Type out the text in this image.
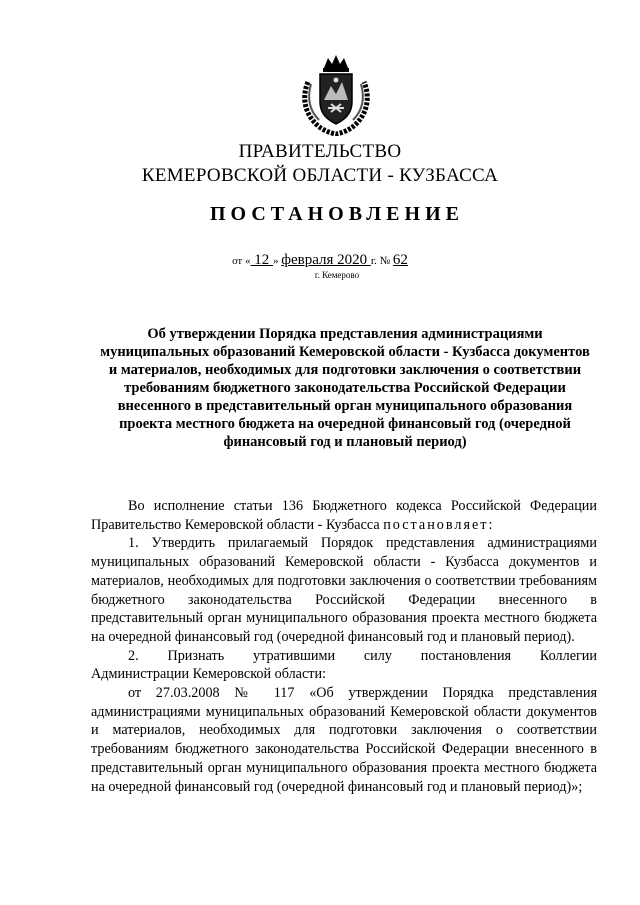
ПРАВИТЕЛЬСТВО
КЕМЕРОВСКОЙ ОБЛАСТИ - КУЗБАССА
ПОСТАНОВЛЕНИЕ
от « 12 » февраля 2020 г. № 62
г. Кемерово
Об утверждении Порядка представления администрациями муниципальных образований Кемеровской области - Кузбасса документов и материалов, необходимых для подготовки заключения о соответствии требованиям бюджетного законодательства Российской Федерации внесенного в представительный орган муниципального образования проекта местного бюджета на очередной финансовый год (очередной финансовый год и плановый период)

Во исполнение статьи 136 Бюджетного кодекса Российской Федерации Правительство Кемеровской области - Кузбасса постановляет:

1. Утвердить прилагаемый Порядок представления администрациями муниципальных образований Кемеровской области - Кузбасса документов и материалов, необходимых для подготовки заключения о соответствии требованиям бюджетного законодательства Российской Федерации внесенного в представительный орган муниципального образования проекта местного бюджета на очередной финансовый год (очередной финансовый год и плановый период).

2. Признать утратившими силу постановления Коллегии

Администрации Кемеровской области:

от 27.03.2008 № 117 «Об утверждении Порядка представления администрациями муниципальных образований Кемеровской области документов и материалов, необходимых для подготовки заключения о соответствии требованиям бюджетного законодательства Российской Федерации внесенного в представительный орган муниципального образования проекта местного бюджета на очередной финансовый год (очередной финансовый год и плановый период)»;
